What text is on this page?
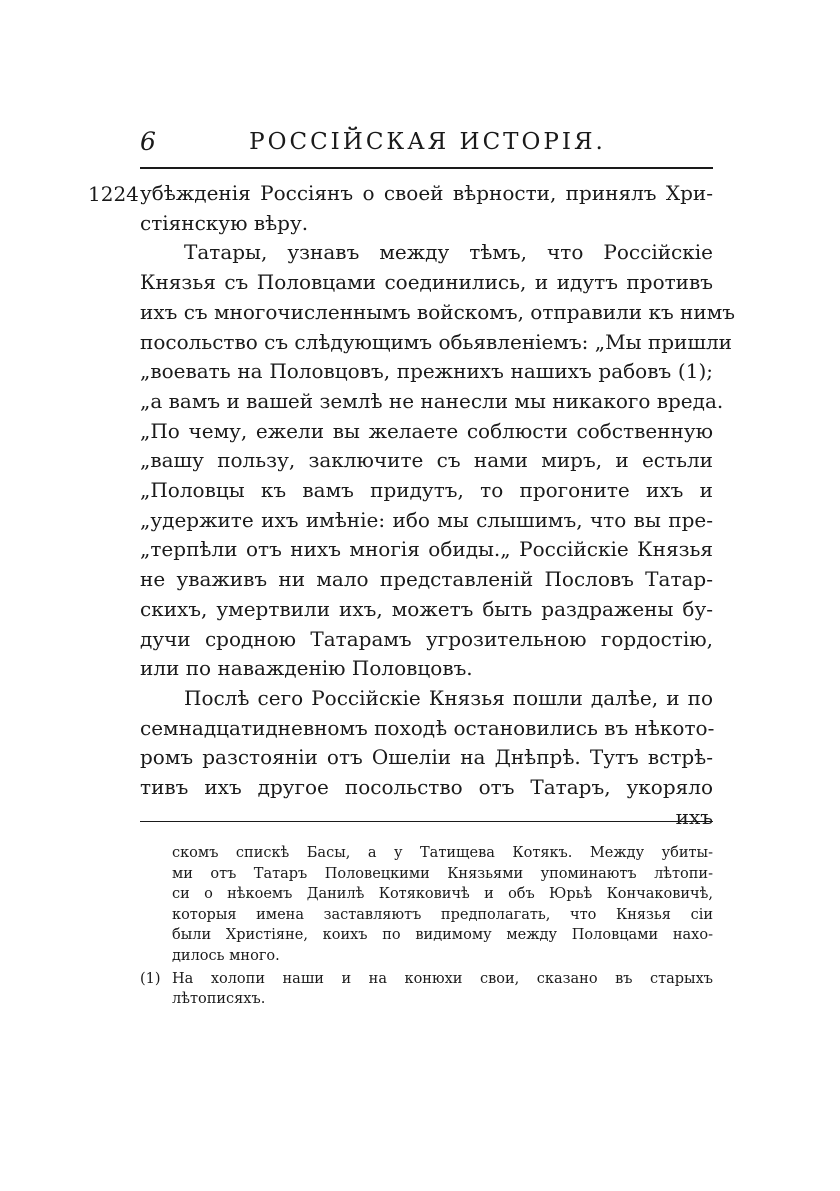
6	РОССІЙСКАЯ ИСТОРІЯ.
1224 убѣжденія Россіянъ о своей вѣрности, принялъ Хри-
стіянскую вѣру.
Татары, узнавъ между тѣмъ, что Россійскіе
Князья съ Половцами соединились, и идутъ противъ
ихъ съ многочисленнымъ войскомъ, отправили къ нимъ
посольство съ слѣдующимъ обьявленіемъ: „Мы пришли
„воевать на Половцовъ, прежнихъ нашихъ рабовъ (1);
„а вамъ и вашей землѣ не нанесли мы никакого вреда.
„По чему, ежели вы желаете соблюсти собственную
„вашу пользу, заключите съ нами миръ, и естьли
„Половцы къ вамъ придутъ, то прогоните ихъ и
„удержите ихъ имѣніе: ибо мы слышимъ, что вы пре-
„терпѣли отъ нихъ многія обиды.„ Россійскіе Князья
не уваживъ ни мало представленій Пословъ Татар-
скихъ, умертвили ихъ, можетъ быть раздражены бу-
дучи сродною Татарамъ угрозительною гордостію,
или по наважденію Половцовъ.
Послѣ сего Россійскіе Князья пошли далѣе, и по
семнадцатидневномъ походѣ остановились въ нѣкото-
ромъ разстояніи отъ Ошеліи на Днѣпрѣ. Тутъ встрѣ-
тивъ ихъ другое посольство отъ Татаръ, укоряло
ихъ
скомъ спискѣ Басы, а у Татищева Котякъ. Между убиты-
ми отъ Татаръ Половецкими Князьями упоминаютъ лѣтопи-
си о нѣкоемъ Данилѣ Котяковичѣ и объ Юрьѣ Кончаковичѣ,
которыя имена заставляютъ предполагать, что Князья сіи
были Христіяне, коихъ по видимому между Половцами нахо-
дилось много.
(1) На холопи наши и на конюхи свои, сказано въ старыхъ
лѣтописяхъ.
